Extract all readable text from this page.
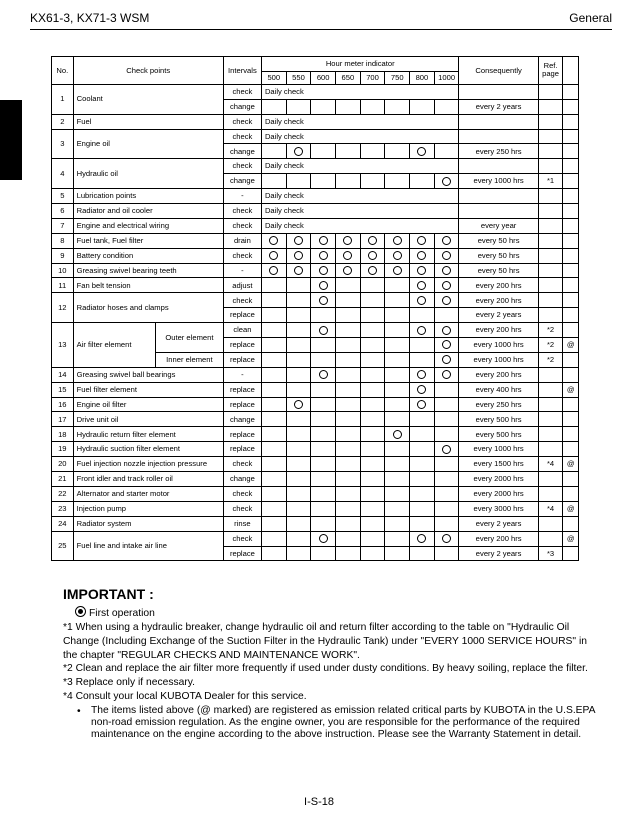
KX61-3, KX71-3 WSM	General
No.	Check points		Intervals	Hour meter indicator								Consequently	Ref. page	
				500	550	600	650	700	750	800	1000			
1	Coolant		check	Daily check										
			change									every 2 years		
2	Fuel		check	Daily check										
3	Engine oil		check	Daily check										
			change									every 250 hrs		
4	Hydraulic oil		check	Daily check										
			change									every 1000 hrs	*1	
5	Lubrication points		-	Daily check										
6	Radiator and oil cooler		check	Daily check										
7	Engine and electrical wiring		check	Daily check								every year		
8	Fuel tank, Fuel filter		drain									every 50 hrs		
9	Battery condition		check									every 50 hrs		
10	Greasing swivel bearing teeth		-									every 50 hrs		
11	Fan belt tension		adjust									every 200 hrs		
12	Radiator hoses and clamps		check									every 200 hrs		
			replace									every 2 years		
13	Air filter element	Outer element	clean									every 200 hrs	*2	
			replace									every 1000 hrs	*2	@
		Inner element	replace									every 1000 hrs	*2	
14	Greasing swivel ball bearings		-									every 200 hrs		
15	Fuel filter element		replace									every 400 hrs		@
16	Engine oil filter		replace									every 250 hrs		
17	Drive unit oil		change									every 500 hrs		
18	Hydraulic return filter element		replace									every 500 hrs		
19	Hydraulic suction filter element		replace									every 1000 hrs		
20	Fuel injection nozzle injection pressure		check									every 1500 hrs	*4	@
21	Front idler and track roller oil		change									every 2000 hrs		
22	Alternator and starter motor		check									every 2000 hrs		
23	Injection pump		check									every 3000 hrs	*4	@
24	Radiator system		rinse									every 2 years		
25	Fuel line and intake air line		check									every 200 hrs		@
			replace									every 2 years	*3	
IMPORTANT :
First operation
*1 When using a hydraulic breaker, change hydraulic oil and return filter according to the table on "Hydraulic Oil Change (Including Exchange of the Suction Filter in the Hydraulic Tank) under "EVERY 1000 SERVICE HOURS" in the chapter "REGULAR CHECKS AND MAINTENANCE WORK".
*2 Clean and replace the air filter more frequently if used under dusty conditions. By heavy soiling, replace the filter.
*3 Replace only if necessary.
*4 Consult your local KUBOTA Dealer for this service.
•	The items listed above (@ marked) are registered as emission related critical parts by KUBOTA in the U.S.EPA non-road emission regulation. As the engine owner, you are responsible for the performance of the required maintenance on the engine according to the above instruction. Please see the Warranty Statement in detail.
I-S-18
